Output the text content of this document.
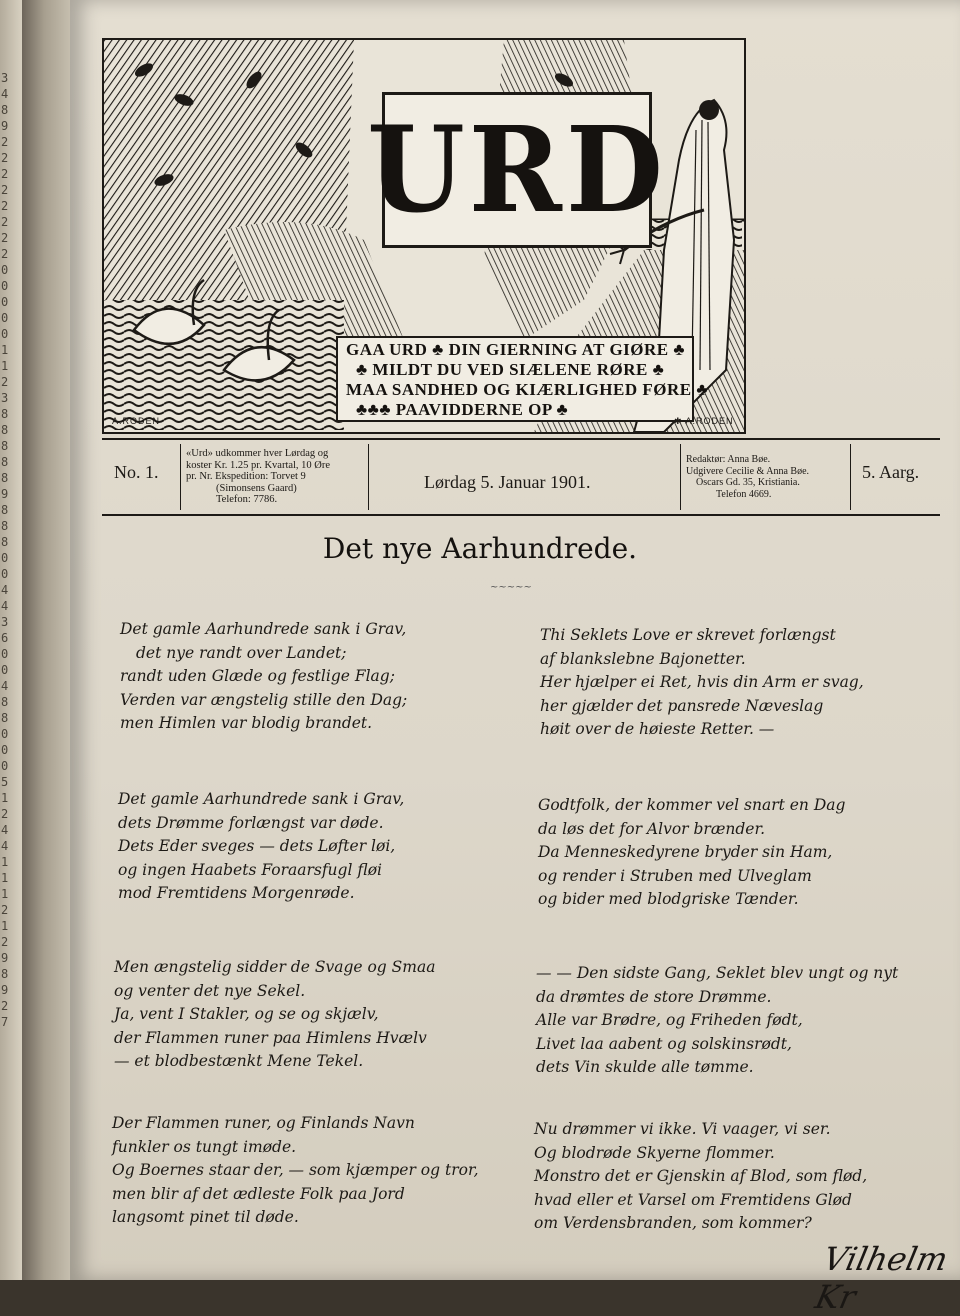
348922222222000001123888889888004436004880005124411121298927
URD
GAA URD ♣ DIN GIERNING AT GIØRE ♣
♣ MILDT DU VED SIÆLENE RØRE ♣
MAA SANDHED OG KIÆRLIGHED FØRE ♣
♣♣♣ PAAVIDDERNE OP ♣
A.RODEN	✱ A.RODEN
No. 1.
«Urd» udkommer hver Lørdag og
koster Kr. 1.25 pr. Kvartal, 10 Øre
pr. Nr. Ekspedition: Torvet 9
(Simonsens Gaard)
Telefon: 7786.
Lørdag 5. Januar 1901.
Redaktør: Anna Bøe.
Udgivere Cecilie & Anna Bøe.
Oscars Gd. 35, Kristiania.
Telefon 4669.
5. Aarg.
Det nye Aarhundrede.
~~~~~
Det gamle Aarhundrede sank i Grav,
det nye randt over Landet;
randt uden Glæde og festlige Flag;
Verden var ængstelig stille den Dag;
men Himlen var blodig brandet.
Det gamle Aarhundrede sank i Grav,
dets Drømme forlængst var døde.
Dets Eder sveges — dets Løfter løi,
og ingen Haabets Foraarsfugl fløi
mod Fremtidens Morgenrøde.
Men ængstelig sidder de Svage og Smaa
og venter det nye Sekel.
Ja, vent I Stakler, og se og skjælv,
der Flammen runer paa Himlens Hvælv
— et blodbestænkt Mene Tekel.
Der Flammen runer, og Finlands Navn
funkler os tungt imøde.
Og Boernes staar der, — som kjæmper og tror,
men blir af det ædleste Folk paa Jord
langsomt pinet til døde.
Thi Seklets Love er skrevet forlængst
af blankslebne Bajonetter.
Her hjælper ei Ret, hvis din Arm er svag,
her gjælder det pansrede Næveslag
høit over de høieste Retter. —
Godtfolk, der kommer vel snart en Dag
da løs det for Alvor brænder.
Da Menneskedyrene bryder sin Ham,
og render i Struben med Ulveglam
og bider med blodgriske Tænder.
— — Den sidste Gang, Seklet blev ungt og nyt
da drømtes de store Drømme.
Alle var Brødre, og Friheden født,
Livet laa aabent og solskinsrødt,
dets Vin skulde alle tømme.
Nu drømmer vi ikke. Vi vaager, vi ser.
Og blodrøde Skyerne flommer.
Monstro det er Gjenskin af Blod, som flød,
hvad eller et Varsel om Fremtidens Glød
om Verdensbranden, som kommer?
Vilhelm Kr
